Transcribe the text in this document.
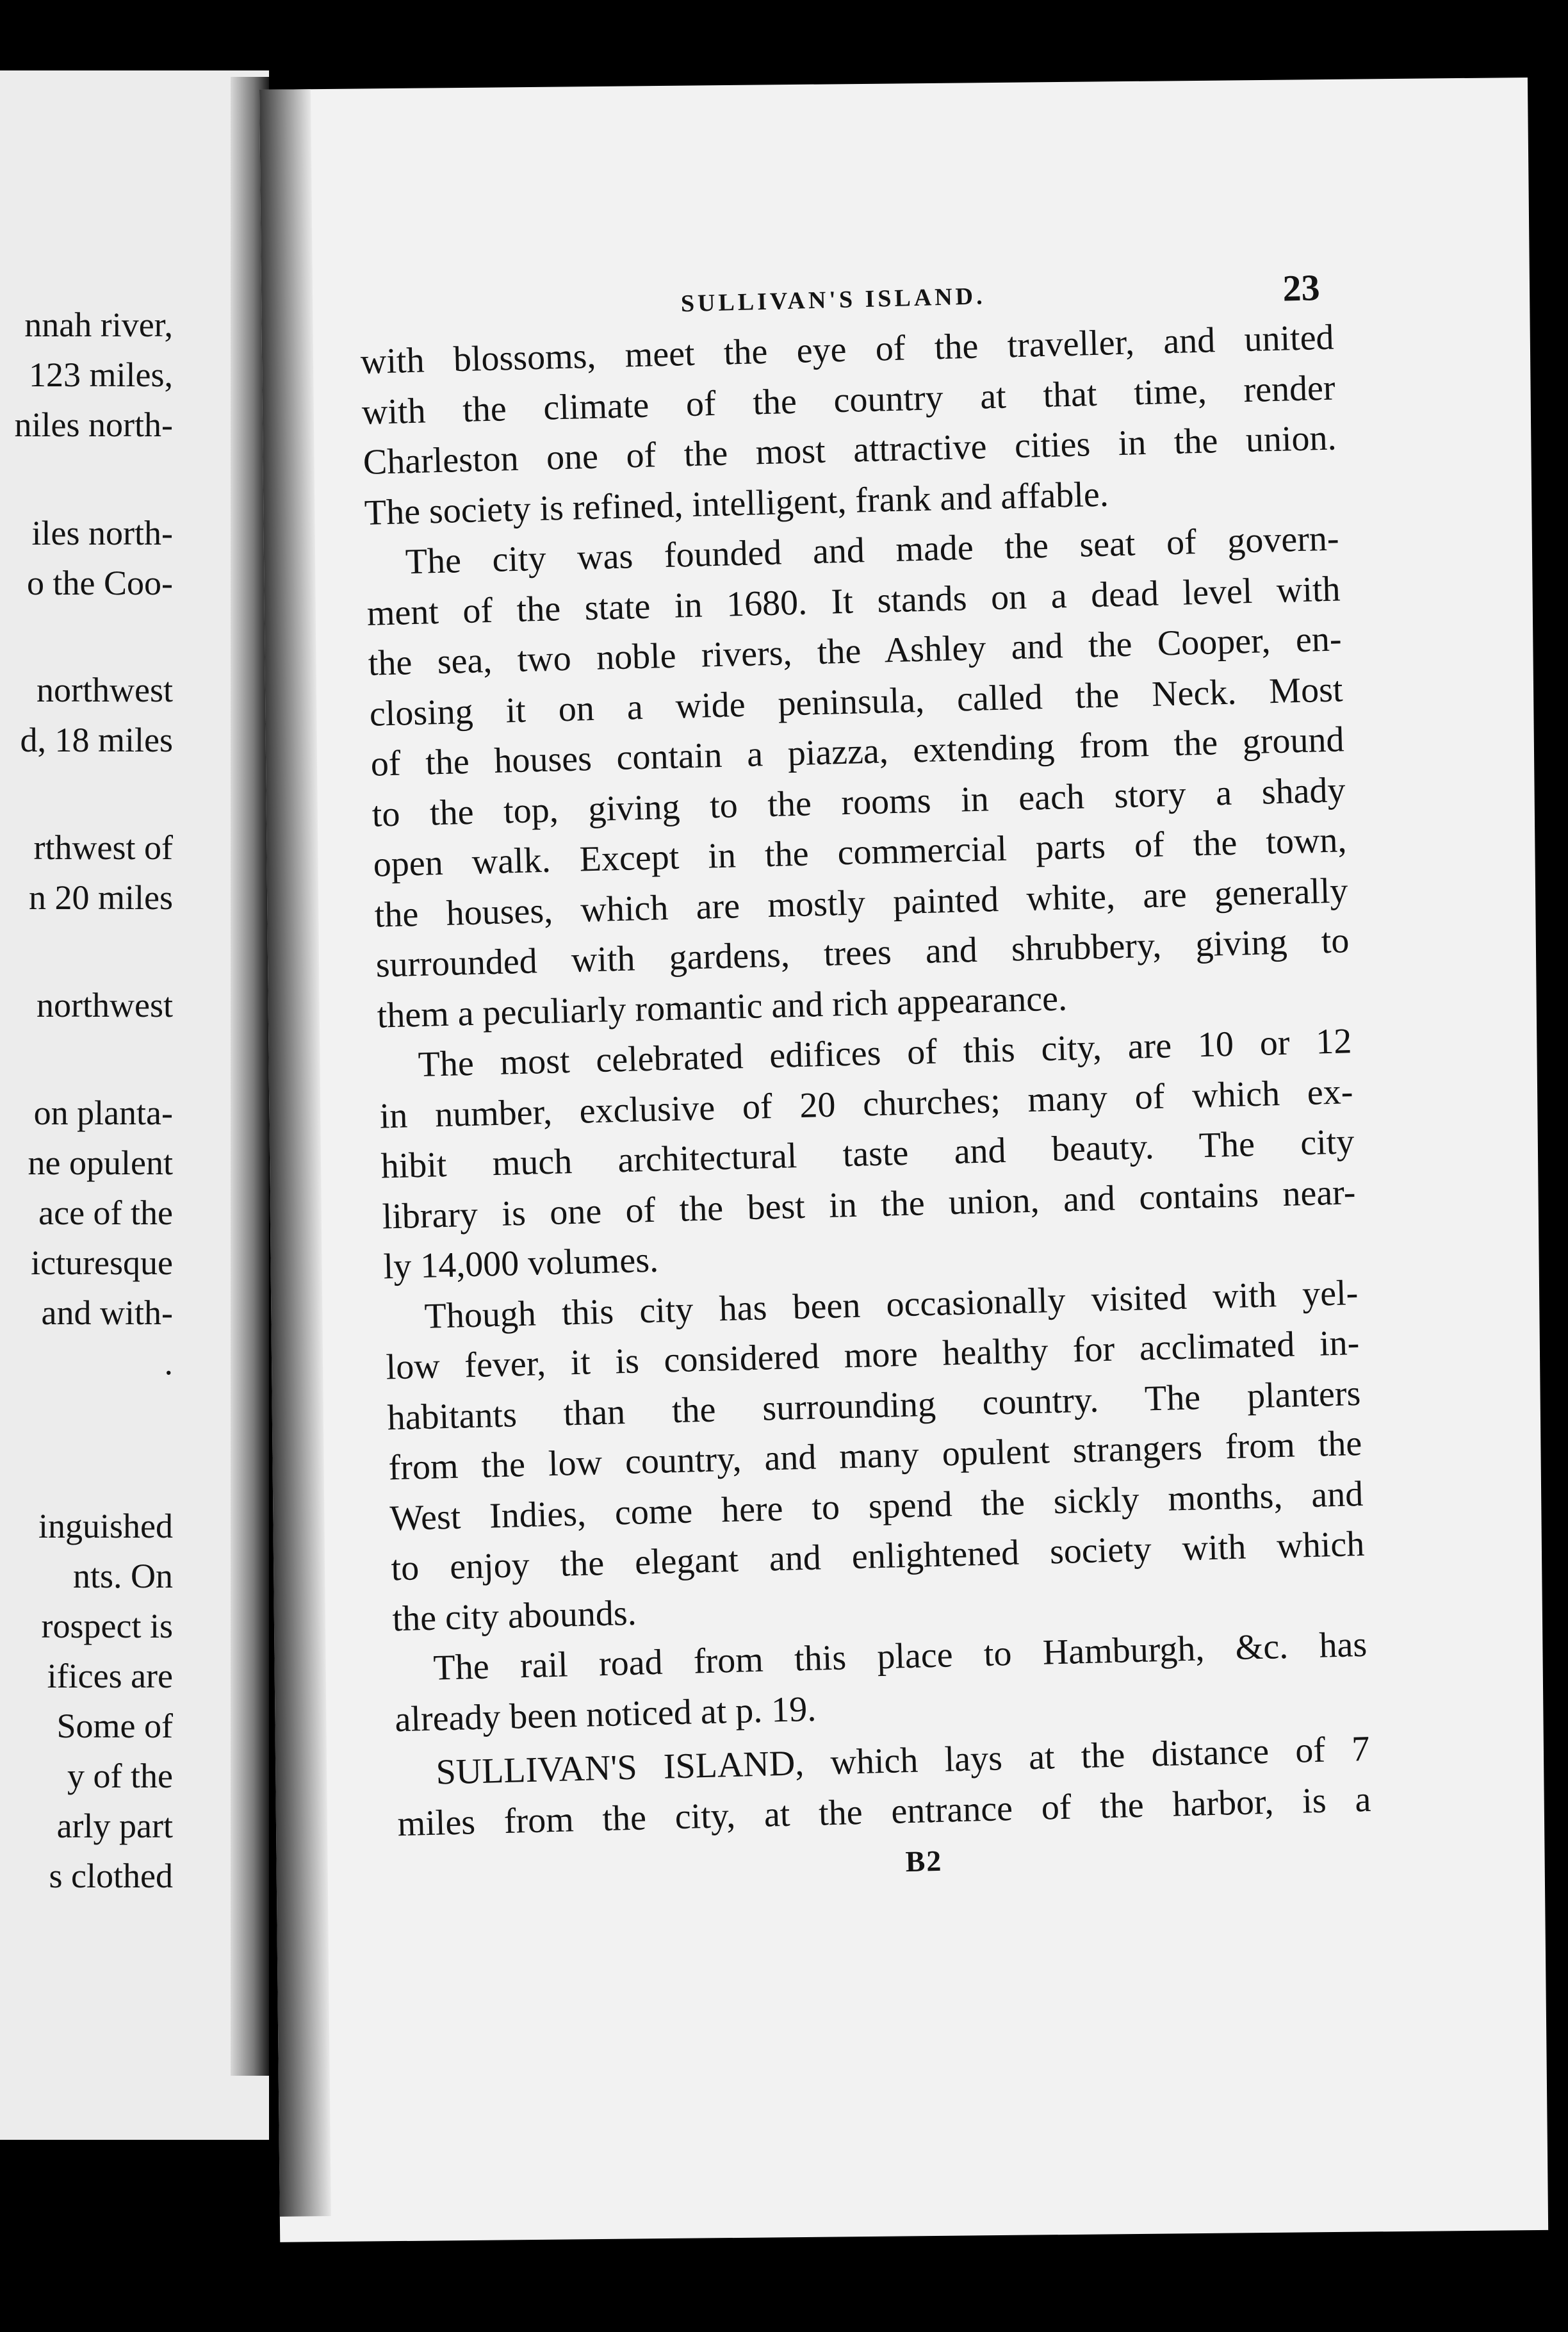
nnah river,
123 miles,
niles north-
iles north-
o the Coo-
northwest
d, 18 miles
rthwest of
n 20 miles
northwest
on planta-
ne opulent
ace of the
icturesque
and with-
.
inguished
nts. On
rospect is
ifices are
Some of
y of the
arly part
s clothed
SULLIVAN'S ISLAND.	23
with blossoms, meet the eye of the traveller, and united
with the climate of the country at that time, render
Charleston one of the most attractive cities in the union.
The society is refined, intelligent, frank and affable.
The city was founded and made the seat of govern-
ment of the state in 1680. It stands on a dead level with
the sea, two noble rivers, the Ashley and the Cooper, en-
closing it on a wide peninsula, called the Neck. Most
of the houses contain a piazza, extending from the ground
to the top, giving to the rooms in each story a shady
open walk. Except in the commercial parts of the town,
the houses, which are mostly painted white, are generally
surrounded with gardens, trees and shrubbery, giving to
them a peculiarly romantic and rich appearance.
The most celebrated edifices of this city, are 10 or 12
in number, exclusive of 20 churches; many of which ex-
hibit much architectural taste and beauty. The city
library is one of the best in the union, and contains near-
ly 14,000 volumes.
Though this city has been occasionally visited with yel-
low fever, it is considered more healthy for acclimated in-
habitants than the surrounding country. The planters
from the low country, and many opulent strangers from the
West Indies, come here to spend the sickly months, and
to enjoy the elegant and enlightened society with which
the city abounds.
The rail road from this place to Hamburgh, &c. has
already been noticed at p. 19.
SULLIVAN'S ISLAND, which lays at the distance of 7
miles from the city, at the entrance of the harbor, is a
B2
